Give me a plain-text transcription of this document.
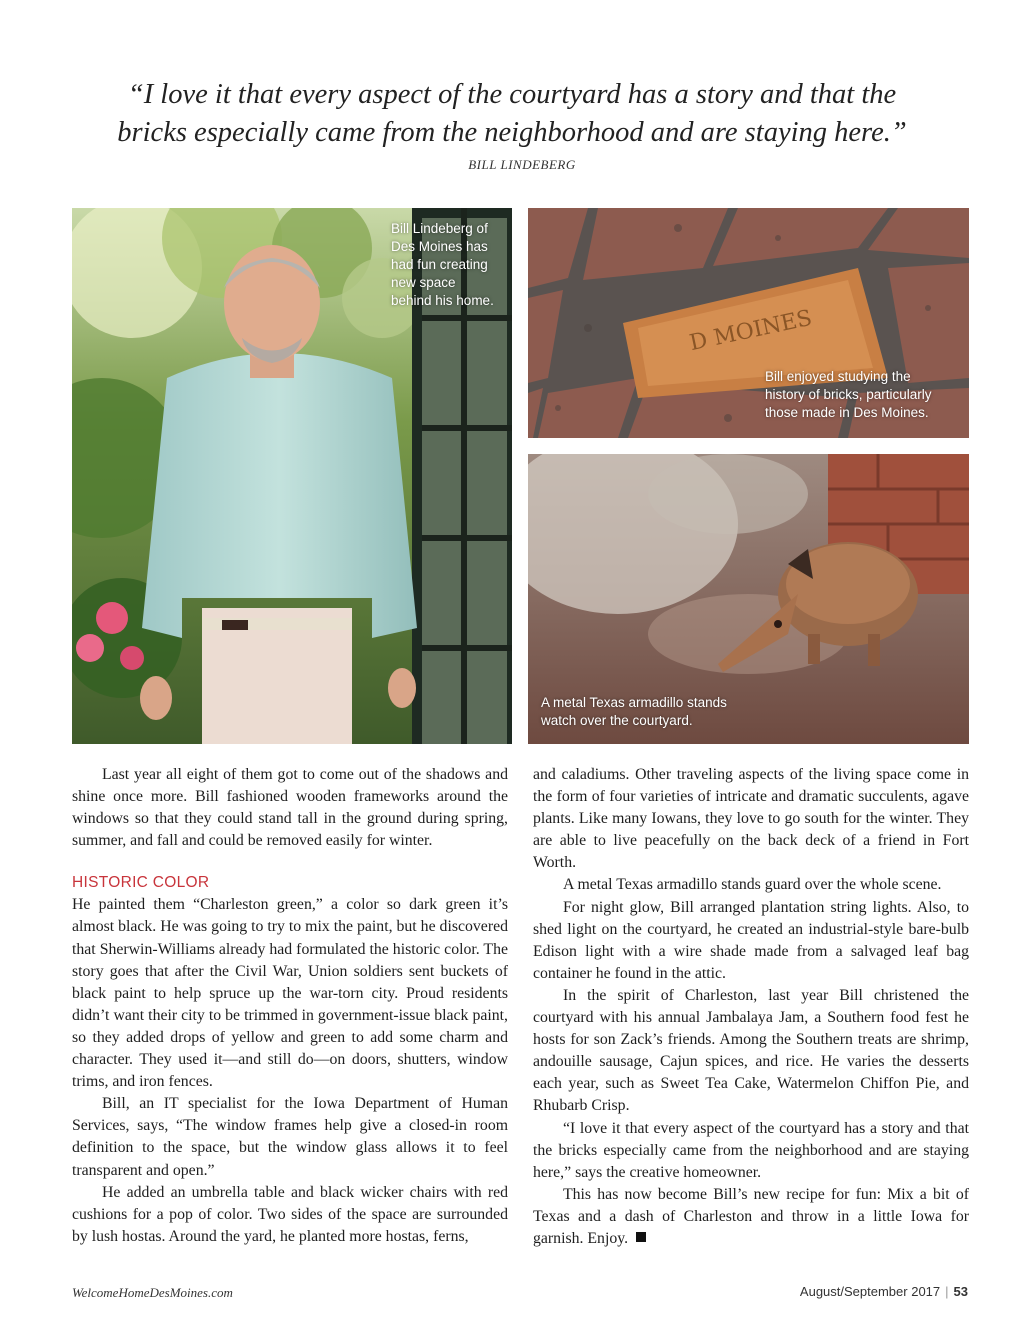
“I love it that every aspect of the courtyard has a story and that the
bricks especially came from the neighborhood and are staying here.”
BILL LINDEBERG
Bill Lindeberg of
Des Moines has
had fun creating
new space
behind his home.
D MOINES
Bill enjoyed studying the
history of bricks, particularly
those made in Des Moines.
A metal Texas armadillo stands
watch over the courtyard.

Last year all eight of them got to come out of the shadows and shine once more. Bill fashioned wooden frameworks around the windows so that they could stand tall in the ground during spring, summer, and fall and could be removed easily for winter.

HISTORIC COLOR

He painted them “Charleston green,” a color so dark green it’s almost black. He was going to try to mix the paint, but he discovered that Sherwin-Williams already had formulated the historic color. The story goes that after the Civil War, Union soldiers sent buckets of black paint to help spruce up the war-torn city. Proud residents didn’t want their city to be trimmed in government-issue black paint, so they added drops of yellow and green to add some charm and character. They used it—and still do—on doors, shutters, window trims, and iron fences.

Bill, an IT specialist for the Iowa Department of Human Services, says, “The window frames help give a closed-in room definition to the space, but the window glass allows it to feel transparent and open.”

He added an umbrella table and black wicker chairs with red cushions for a pop of color. Two sides of the space are surrounded by lush hostas. Around the yard, he planted more hostas, ferns,

and caladiums. Other traveling aspects of the living space come in the form of four varieties of intricate and dramatic succulents, agave plants. Like many Iowans, they love to go south for the winter. They are able to live peacefully on the back deck of a friend in Fort Worth.

A metal Texas armadillo stands guard over the whole scene.

For night glow, Bill arranged plantation string lights. Also, to shed light on the courtyard, he created an industrial-style bare-bulb Edison light with a wire shade made from a salvaged leaf bag container he found in the attic.

In the spirit of Charleston, last year Bill christened the courtyard with his annual Jambalaya Jam, a Southern food fest he hosts for son Zack’s friends. Among the Southern treats are shrimp, andouille sausage, Cajun spices, and rice. He varies the desserts each year, such as Sweet Tea Cake, Watermelon Chiffon Pie, and Rhubarb Crisp.

“I love it that every aspect of the courtyard has a story and that the bricks especially came from the neighborhood and are staying here,” says the creative homeowner.

This has now become Bill’s new recipe for fun: Mix a bit of Texas and a dash of Charleston and throw in a little Iowa for garnish. Enjoy.

WelcomeHomeDesMoines.com	August/September 2017 | 53
